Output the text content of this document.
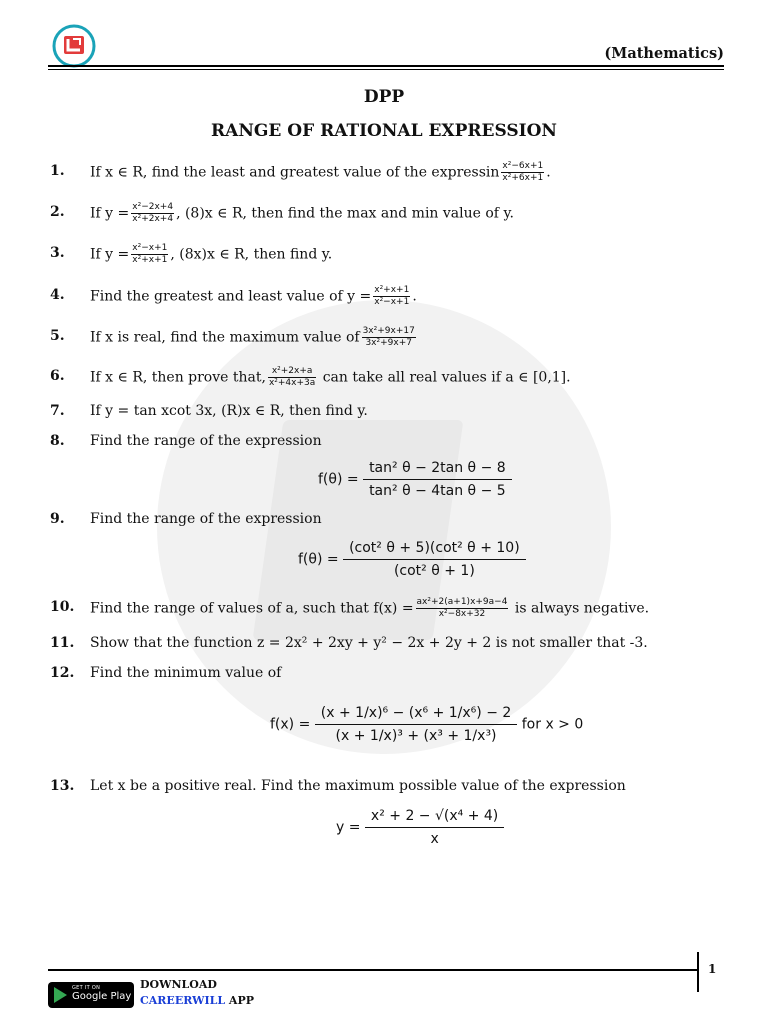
(Mathematics)
DPP
RANGE OF RATIONAL EXPRESSION
1. If x ∈ R, find the least and greatest value of the expressin $\frac{\text{x²−6x+1}}{\text{x²+6x+1}}$ .
2. If $y = \frac{\text{x²−2x+4}}{\text{x²+2x+4}}$ , (8)x ∈ R, then find the max and min value of y.
3. If $y = \frac{\text{x²−x+1}}{\text{x²+x+1}}$ , (8x)x ∈ R, then find y.
4. Find the greatest and least value of $y = \frac{\text{x²+x+1}}{\text{x²−x+1}}$ .
5. If x is real, find the maximum value of $\frac{\text{3x²+9x+17}}{\text{3x²+9x+7}}$
6. If x ∈ R, then prove that, $\frac{\text{x²+2x+a}}{\text{x²+4x+3a}}$ can take all real values if a ∈ [0,1].
7. If y = tan xcot 3x, (R)x ∈ R, then find y.
8. Find the range of the expression
$f(\theta) = \frac{\text{tan² θ − 2tan θ − 8}}{\text{tan² θ − 4tan θ − 5}}$
9. Find the range of the expression
$f(\theta) = \frac{\text{(cot² θ + 5)(cot² θ + 10)}}{\text{(cot² θ + 1)}}$
10. Find the range of values of a, such that $f(x) = \frac{\text{ax²+2(a+1)x+9a−4}}{\text{x²−8x+32}}$ is always negative.
11. Show that the function z = 2x² + 2xy + y² − 2x + 2y + 2 is not smaller that -3.
12. Find the minimum value of
$f(x) = \frac{\text{(x + 1/x)⁶ − (x⁶ + 1/x⁶) − 2}}{\text{(x + 1/x)³ + (x³ + 1/x³)}}$ for x > 0
13. Let x be a positive real. Find the maximum possible value of the expression
$y = \frac{\text{x² + 2 − √(x⁴ + 4)}}{x}$
1
GET IT ON
Google Play
DOWNLOAD
CAREERWILL APP
